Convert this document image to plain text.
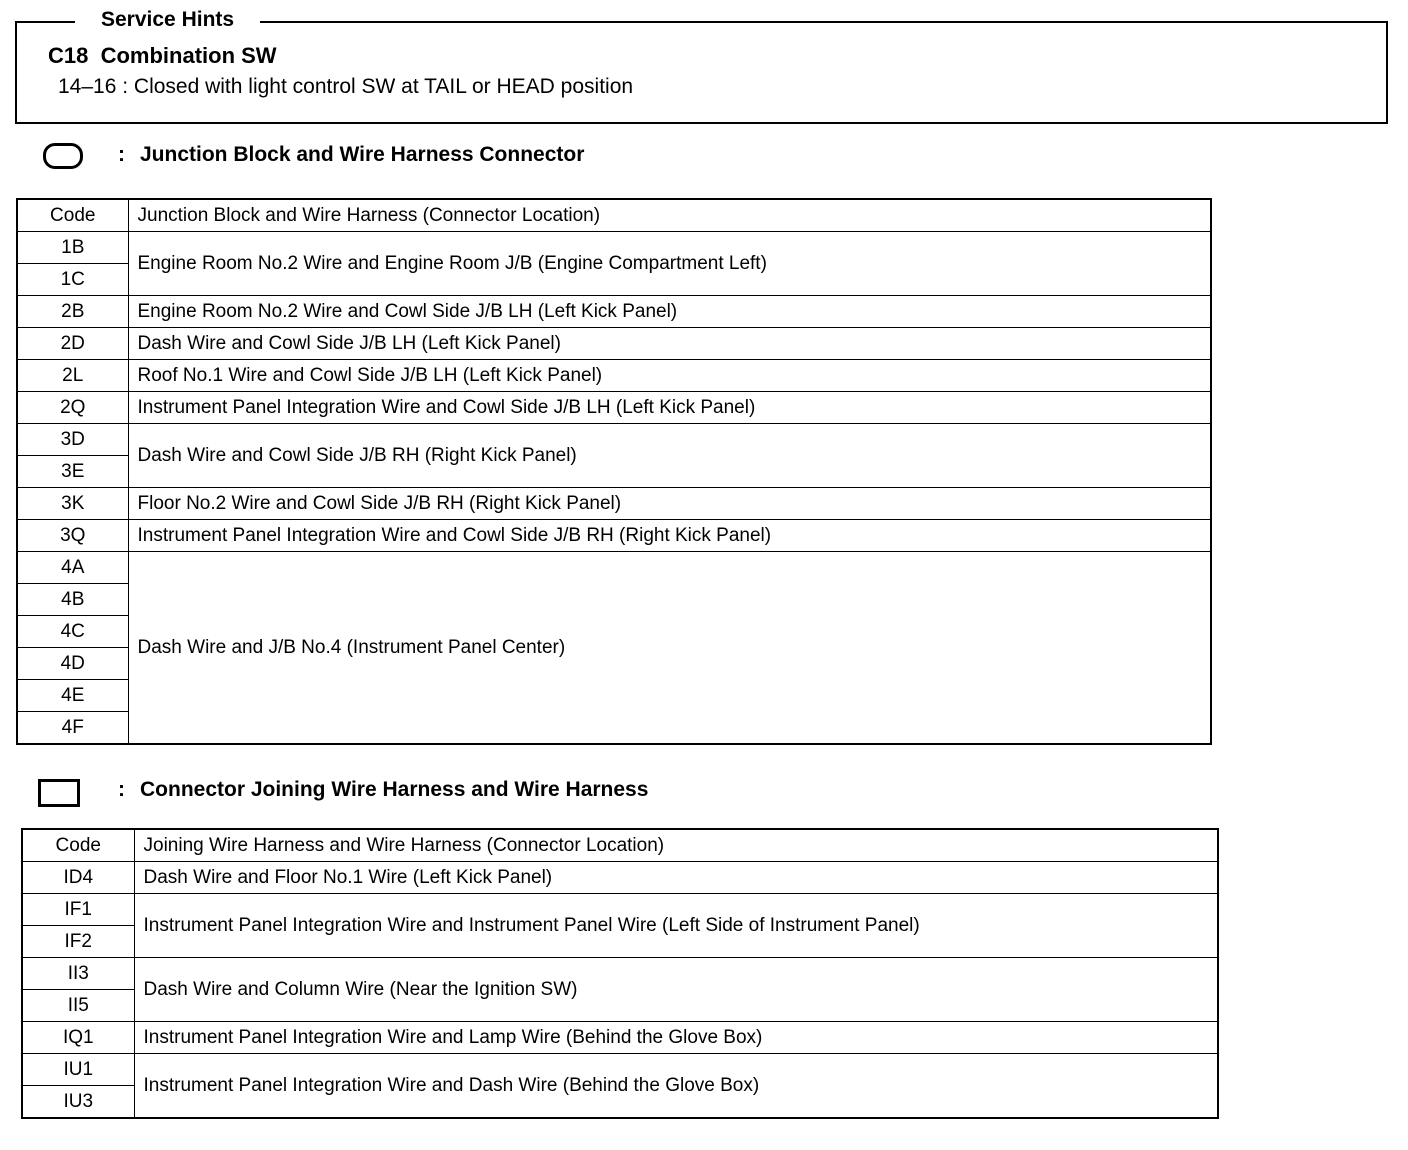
Service Hints
C18  Combination SW
14–16 : Closed with light control SW at TAIL or HEAD position
: Junction Block and Wire Harness Connector
Code	Junction Block and Wire Harness (Connector Location)
1B	Engine Room No.2 Wire and Engine Room J/B (Engine Compartment Left)
1C	
2B	Engine Room No.2 Wire and Cowl Side J/B LH (Left Kick Panel)
2D	Dash Wire and Cowl Side J/B LH (Left Kick Panel)
2L	Roof No.1 Wire and Cowl Side J/B LH (Left Kick Panel)
2Q	Instrument Panel Integration Wire and Cowl Side J/B LH (Left Kick Panel)
3D	Dash Wire and Cowl Side J/B RH (Right Kick Panel)
3E	
3K	Floor No.2 Wire and Cowl Side J/B RH (Right Kick Panel)
3Q	Instrument Panel Integration Wire and Cowl Side J/B RH (Right Kick Panel)
4A	Dash Wire and J/B No.4 (Instrument Panel Center)
4B	
4C	
4D	
4E	
4F	
: Connector Joining Wire Harness and Wire Harness
Code	Joining Wire Harness and Wire Harness (Connector Location)
ID4	Dash Wire and Floor No.1 Wire (Left Kick Panel)
IF1	Instrument Panel Integration Wire and Instrument Panel Wire (Left Side of Instrument Panel)
IF2	
II3	Dash Wire and Column Wire (Near the Ignition SW)
II5	
IQ1	Instrument Panel Integration Wire and Lamp Wire (Behind the Glove Box)
IU1	Instrument Panel Integration Wire and Dash Wire (Behind the Glove Box)
IU3	
